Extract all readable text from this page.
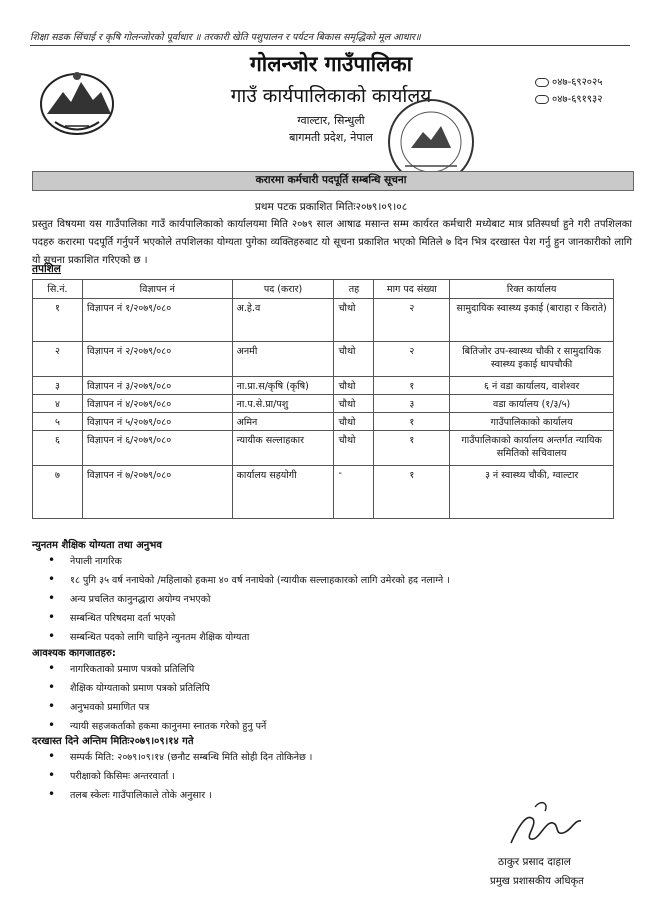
शिक्षा सडक सिंचाई र कृषि गोलन्जोरको पूर्वाधार ॥ तरकारी खेति पशुपालन र पर्यटन बिकास समृद्धिको मूल आधार॥
गोलन्जोर गाउँपालिका
गाउँ कार्यपालिकाको कार्यालय
ग्वाल्टार, सिन्धुली
बागमती प्रदेश, नेपाल
०४७-६९२०२५
०४७-६९१९३२
करारमा कर्मचारी पदपूर्ति सम्बन्धि सूचना
प्रथम पटक प्रकाशित मितिः२०७९।०९।०८
प्रस्तुत विषयमा यस गाउँपालिका गाउँ कार्यपालिकाको कार्यालयमा मिति २०७९ साल आषाढ मसान्त सम्म कार्यरत कर्मचारी मध्येबाट मात्र प्रतिस्पर्धा हुने गरी तपशिलका पदहरु करारमा पदपूर्ति गर्नुपर्ने भएकोले तपशिलका योग्यता पुगेका व्यक्तिहरुबाट यो सूचना प्रकाशित भएको मितिले ७ दिन भित्र दरखास्त पेश गर्नु हुन जानकारीको लागि यो सूचना प्रकाशित गरिएको छ ।
तपशिल
सि.नं.	विज्ञापन नं	पद (करार)	तह	माग पद संख्या	रिक्त कार्यालय
१	विज्ञापन नं १/२०७९/०८०	अ.हे.व	चौथो	२	सामुदायिक स्वास्थ्य इकाई (बाराहा र किराते)
२	विज्ञापन नं २/२०७९/०८०	अनमी	चौथो	२	बितिजोर उप-स्वास्थ्य चौकी र सामुदायिक स्वास्थ्य इकाई धापचौकी
३	विज्ञापन नं ३/२०७९/०८०	ना.प्रा.स/कृषि (कृषि)	चौथो	१	६ नं वडा कार्यालय, वाशेश्वर
४	विज्ञापन नं ४/२०७९/०८०	ना.प.से.प्रा/पशु	चौथो	३	वडा कार्यालय (१/३/५)
५	विज्ञापन नं ५/२०७९/०८०	अमिन	चौथो	१	गाउँपालिकाको कार्यालय
६	विज्ञापन नं ६/२०७९/०८०	न्यायीक सल्लाहकार	चौथो	१	गाउँपालिकाको कार्यालय अन्तर्गत न्यायिक समितिको सचिवालय
७	विज्ञापन नं ७/२०७९/०८०	कार्यालय सहयोगी	-	१	३ नं स्वास्थ्य चौकी, ग्वाल्टार
न्युनतम शैक्षिक योग्यता तथा अनुभव
• नेपाली नागरिक
• १८ पुगि ३५ वर्ष ननाघेको /महिलाको हकमा ४० वर्ष ननाघेको (न्यायीक सल्लाहकारको लागि उमेरको हद नलाग्ने ।
• अन्य प्रचलित कानुनद्धारा अयोग्य नभएको
• सम्बन्धित परिषदमा दर्ता भएको
• सम्बन्धित पदको लागि चाहिने न्युनतम शैक्षिक योग्यता
आवश्यक कागजातहरु:
• नागरिकताको प्रमाण पत्रको प्रतिलिपि
• शैक्षिक योग्यताको प्रमाण पत्रको प्रतिलिपि
• अनुभवको प्रमाणित पत्र
• न्यायी सहजकर्ताको हकमा कानुनमा स्नातक गरेको हुनु पर्ने
दरखास्त दिने अन्तिम मितिः२०७९।०९।१४ गते
• सम्पर्क मिति: २०७९।०९।१४ (छनौट सम्बन्धि मिति सोही दिन तोकिनेछ ।
• परीक्षाको किसिमः अन्तरवार्ता ।
• तलब स्केलः गाउँपालिकाले तोके अनुसार ।
ठाकुर प्रसाद दाहाल
प्रमुख प्रशासकीय अधिकृत
